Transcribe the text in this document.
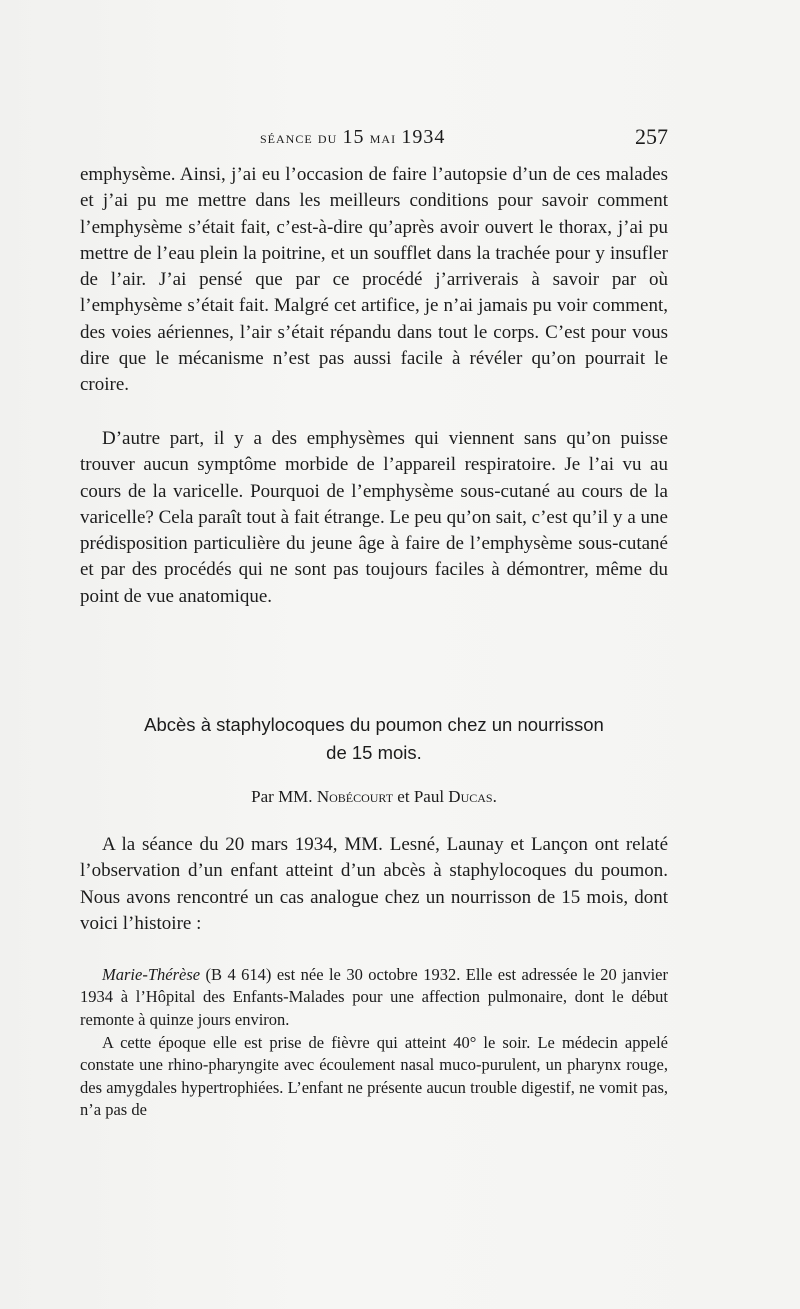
séance du 15 mai 1934	257

emphysème. Ainsi, j’ai eu l’occasion de faire l’autopsie d’un de ces malades et j’ai pu me mettre dans les meilleurs conditions pour savoir comment l’emphysème s’était fait, c’est-à-dire qu’après avoir ouvert le thorax, j’ai pu mettre de l’eau plein la poitrine, et un soufflet dans la trachée pour y insufler de l’air. J’ai pensé que par ce procédé j’arriverais à savoir par où l’emphysème s’était fait. Malgré cet artifice, je n’ai jamais pu voir comment, des voies aériennes, l’air s’était répandu dans tout le corps. C’est pour vous dire que le mécanisme n’est pas aussi facile à révéler qu’on pourrait le croire.

D’autre part, il y a des emphysèmes qui viennent sans qu’on puisse trouver aucun symptôme morbide de l’appareil respiratoire. Je l’ai vu au cours de la varicelle. Pourquoi de l’emphysème sous-cutané au cours de la varicelle? Cela paraît tout à fait étrange. Le peu qu’on sait, c’est qu’il y a une prédisposition particulière du jeune âge à faire de l’emphysème sous-cutané et par des procédés qui ne sont pas toujours faciles à démontrer, même du point de vue anatomique.

Abcès à staphylocoques du poumon chez un nourrisson
de 15 mois.
Par MM. Nobécourt et Paul Ducas.

A la séance du 20 mars 1934, MM. Lesné, Launay et Lançon ont relaté l’observation d’un enfant atteint d’un abcès à staphylocoques du poumon. Nous avons rencontré un cas analogue chez un nourrisson de 15 mois, dont voici l’histoire :

Marie-Thérèse (B 4 614) est née le 30 octobre 1932. Elle est adressée le 20 janvier 1934 à l’Hôpital des Enfants-Malades pour une affection pulmonaire, dont le début remonte à quinze jours environ.

A cette époque elle est prise de fièvre qui atteint 40° le soir. Le médecin appelé constate une rhino-pharyngite avec écoulement nasal muco-purulent, un pharynx rouge, des amygdales hypertrophiées. L’enfant ne présente aucun trouble digestif, ne vomit pas, n’a pas de
